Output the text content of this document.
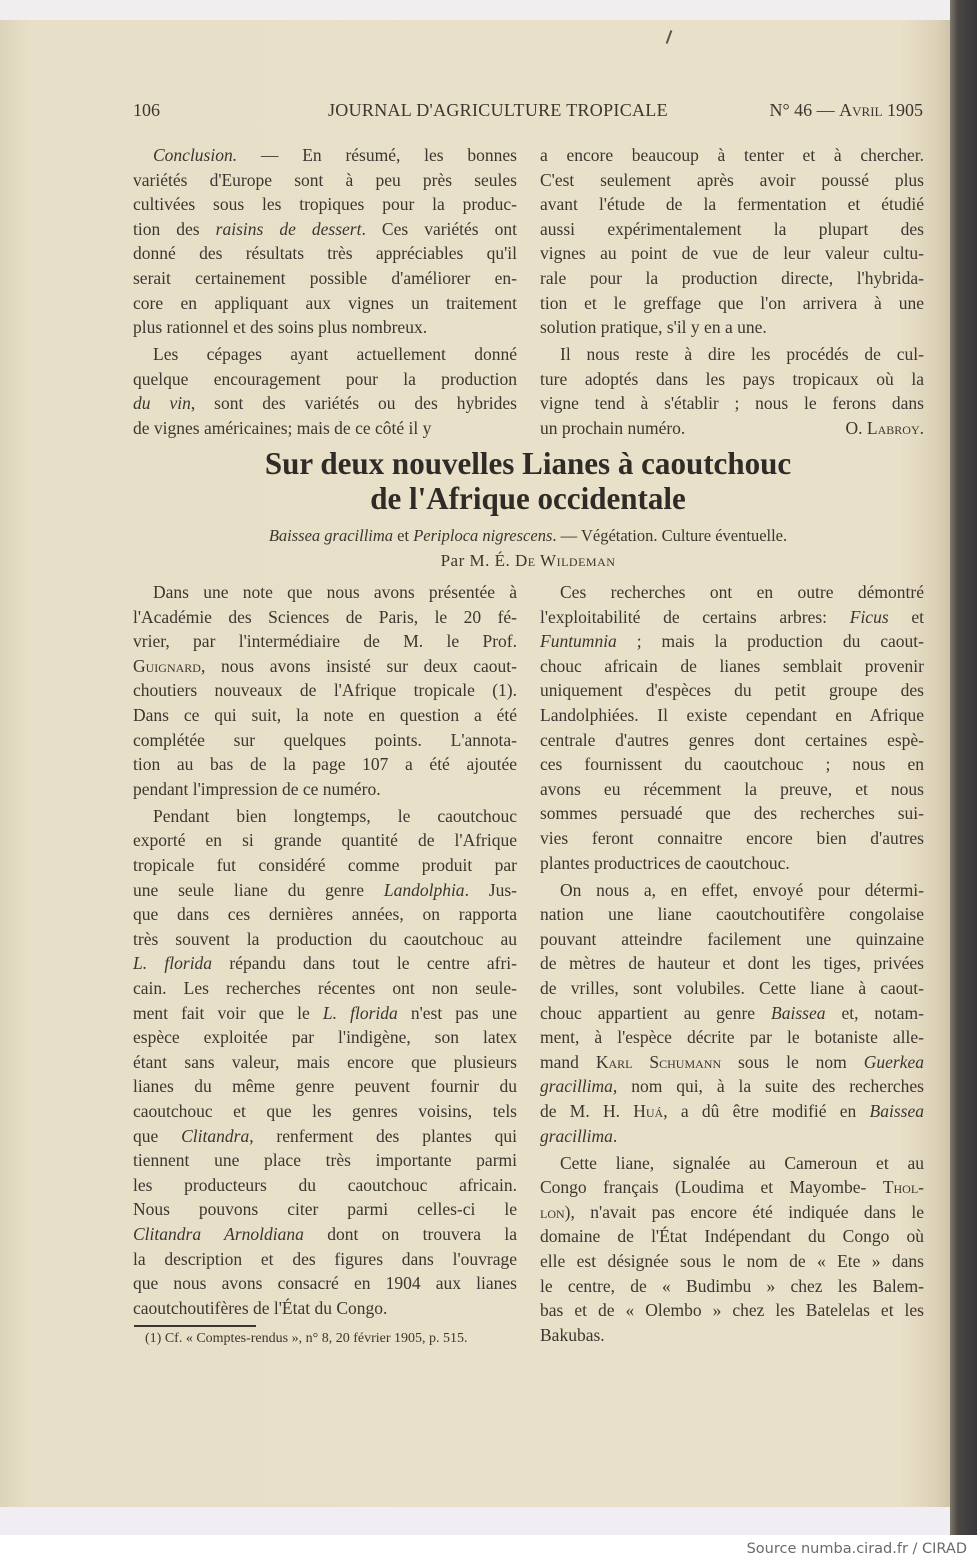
106	JOURNAL D'AGRICULTURE TROPICALE	N° 46 — Avril 1905
Conclusion. — En résumé, les bonnes
variétés d'Europe sont à peu près seules
cultivées sous les tropiques pour la produc-
tion des raisins de dessert. Ces variétés ont
donné des résultats très appréciables qu'il
serait certainement possible d'améliorer en-
core en appliquant aux vignes un traitement
plus rationnel et des soins plus nombreux.
Les cépages ayant actuellement donné
quelque encouragement pour la production
du vin, sont des variétés ou des hybrides
de vignes américaines; mais de ce côté il y
a encore beaucoup à tenter et à chercher.
C'est seulement après avoir poussé plus
avant l'étude de la fermentation et étudié
aussi expérimentalement la plupart des
vignes au point de vue de leur valeur cultu-
rale pour la production directe, l'hybrida-
tion et le greffage que l'on arrivera à une
solution pratique, s'il y en a une.
Il nous reste à dire les procédés de cul-
ture adoptés dans les pays tropicaux où la
vigne tend à s'établir ; nous le ferons dans
un prochain numéro.	O. Labroy.
Sur deux nouvelles Lianes à caoutchouc
de l'Afrique occidentale
Baissea gracillima et Periploca nigrescens. — Végétation. Culture éventuelle.
Par M. É. De Wildeman
Dans une note que nous avons présentée à
l'Académie des Sciences de Paris, le 20 fé-
vrier, par l'intermédiaire de M. le Prof.
Guignard, nous avons insisté sur deux caout-
choutiers nouveaux de l'Afrique tropicale (1).
Dans ce qui suit, la note en question a été
complétée sur quelques points. L'annota-
tion au bas de la page 107 a été ajoutée
pendant l'impression de ce numéro.
Pendant bien longtemps, le caoutchouc
exporté en si grande quantité de l'Afrique
tropicale fut considéré comme produit par
une seule liane du genre Landolphia. Jus-
que dans ces dernières années, on rapporta
très souvent la production du caoutchouc au
L. florida répandu dans tout le centre afri-
cain. Les recherches récentes ont non seule-
ment fait voir que le L. florida n'est pas une
espèce exploitée par l'indigène, son latex
étant sans valeur, mais encore que plusieurs
lianes du même genre peuvent fournir du
caoutchouc et que les genres voisins, tels
que Clitandra, renferment des plantes qui
tiennent une place très importante parmi
les producteurs du caoutchouc africain.
Nous pouvons citer parmi celles-ci le
Clitandra Arnoldiana dont on trouvera la
la description et des figures dans l'ouvrage
que nous avons consacré en 1904 aux lianes
caoutchoutifères de l'État du Congo.
Ces recherches ont en outre démontré
l'exploitabilité de certains arbres: Ficus et
Funtumnia ; mais la production du caout-
chouc africain de lianes semblait provenir
uniquement d'espèces du petit groupe des
Landolphiées. Il existe cependant en Afrique
centrale d'autres genres dont certaines espè-
ces fournissent du caoutchouc ; nous en
avons eu récemment la preuve, et nous
sommes persuadé que des recherches sui-
vies feront connaitre encore bien d'autres
plantes productrices de caoutchouc.
On nous a, en effet, envoyé pour détermi-
nation une liane caoutchoutifère congolaise
pouvant atteindre facilement une quinzaine
de mètres de hauteur et dont les tiges, privées
de vrilles, sont volubiles. Cette liane à caout-
chouc appartient au genre Baissea et, notam-
ment, à l'espèce décrite par le botaniste alle-
mand Karl Schumann sous le nom Guerkea
gracillima, nom qui, à la suite des recherches
de M. H. Huá, a dû être modifié en Baissea
gracillima.
Cette liane, signalée au Cameroun et au
Congo français (Loudima et Mayombe- Thol-
lon), n'avait pas encore été indiquée dans le
domaine de l'État Indépendant du Congo où
elle est désignée sous le nom de « Ete » dans
le centre, de « Budimbu » chez les Balem-
bas et de « Olembo » chez les Batelelas et les
Bakubas.
(1) Cf. « Comptes-rendus », n° 8, 20 février 1905, p. 515.
Source numba.cirad.fr / CIRAD
